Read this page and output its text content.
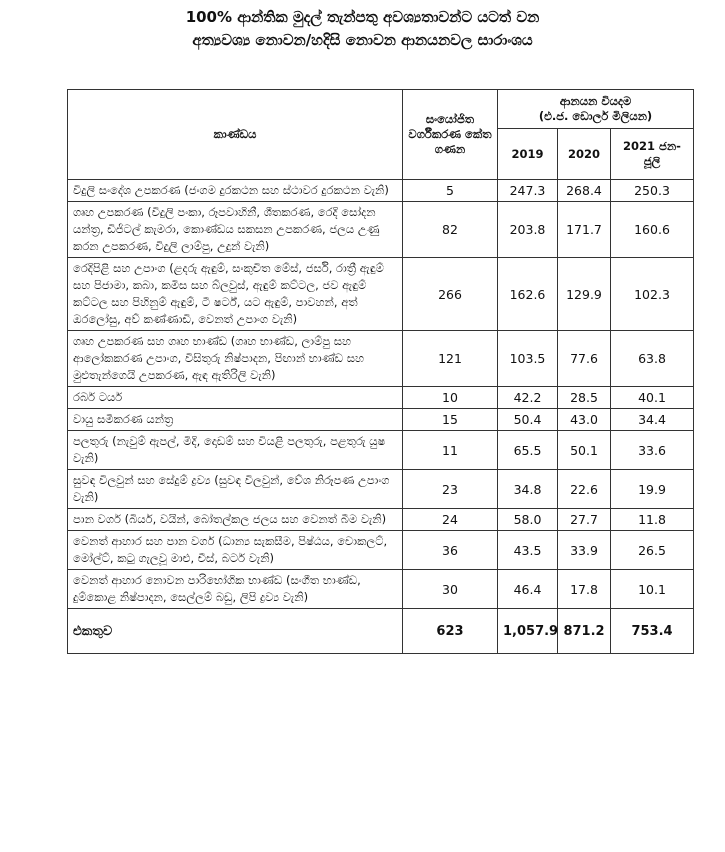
100% ආන්තික මුදල් තැන්පතු අවශ්‍යතාවන්ට යටත් වන
අත්‍යවශ්‍ය නොවන/හදිසි නොවන ආනයනවල සාරාංශය
කාණ්ඩය	සංයෝජිත වර්ගීකරණ කේත ගණන	ආනයන වියදම
(එ.ජ. ඩොලර් මිලියන)		

		2019	2020	2021 ජන-ජූලි
විදුලි සංදේශ උපකරණ (ජංගම දුරකථන සහ ස්ථාවර දුරකථන වැනි)	5	247.3	268.4	250.3
ගෘහ උපකරණ (විදුලි පංකා, රූපවාහිනී, ශීතකරණ, රෙදි සෝදන යන්ත්‍ර, ඩිජිටල් කැමරා, කොණ්ඩය සකසන උපකරණ, ජලය උණු කරන උපකරණ, විදුලි ලාම්පු, උදුන් වැනි)	82	203.8	171.7	160.6
රෙදිපිළි සහ උපාංග (ළදරු ඇඳුම්, සංකුචිත මේස්, ජර්සි, රාත්‍රී ඇඳුම් සහ පිජාමා, කබා, කමිස සහ බ්ලවුස්, ඇඳුම් කට්ටල, ජව ඇඳුම් කට්ටල සහ පිහිනුම් ඇඳුම්, ටී ෂර්ට්, යට ඇඳුම්, පාවහන්, අත් ඔරලෝසු, අව් කණ්ණාඩි, වෙනත් උපාංග වැනි)	266	162.6	129.9	102.3
ගෘහ උපකරණ සහ ගෘහ භාණ්ඩ (ගෘහ භාණ්ඩ, ලාම්පු සහ ආලෝකකරණ උපාංග, විසිතුරු නිෂ්පාදන, පිඟාන් භාණ්ඩ සහ මුළුතැන්ගෙයි උපකරණ, ඇඳ ඇතිරිලි වැනි)	121	103.5	77.6	63.8
රබර් ටයර්	10	42.2	28.5	40.1
වායු සමීකරණ යන්ත්‍ර	15	50.4	43.0	34.4
පලතුරු (නැවුම් ඇපල්, මිදි, දොඩම් සහ වියළි පලතුරු, පළතුරු යුෂ වැනි)	11	65.5	50.1	33.6
සුවඳ විලවුන් සහ සේදුම් ද්‍රව්‍ය (සුවඳ විලවුන්, වේශ නිරූපණ උපාංග වැනි)	23	34.8	22.6	19.9
පාන වර්ග (බියර්, වයින්, බෝතල්කල ජලය සහ වෙනත් බීම වැනි)	24	58.0	27.7	11.8
වෙනත් ආහාර සහ පාන වර්ග (ධාන්‍ය සැකසීම, පිෂ්ඨය, චොකලට්, මෝල්ට්, කටු ගැලවූ මාළු, චීස්, බටර් වැනි)	36	43.5	33.9	26.5
වෙනත් ආහාර නොවන පාරිභෝගික භාණ්ඩ (සංගීත භාණ්ඩ, දුම්කොළ නිෂ්පාදන, සෙල්ලම් බඩු, ලිපි ද්‍රව්‍ය වැනි)	30	46.4	17.8	10.1
එකතුව	623	1,057.9	871.2	753.4
